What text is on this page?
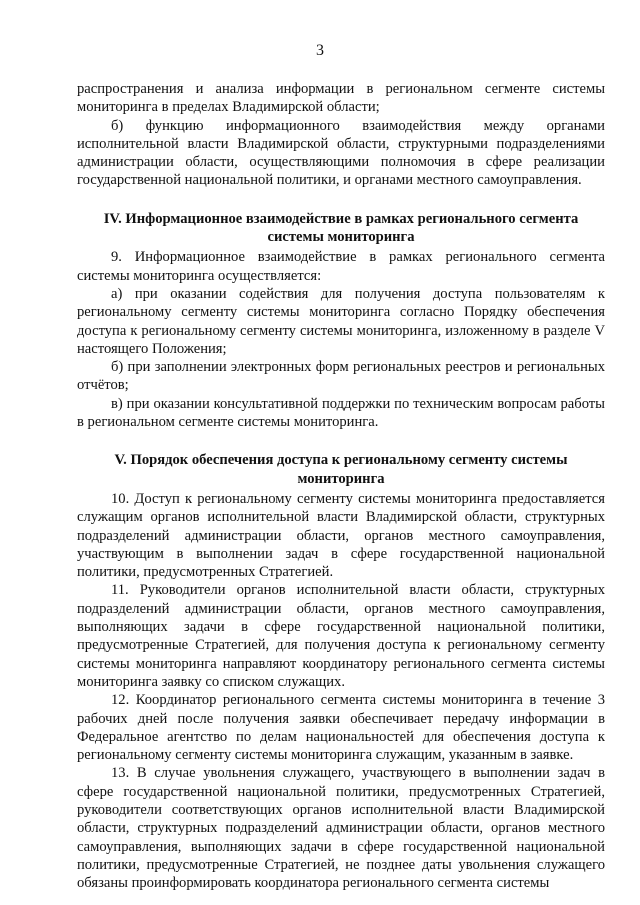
3

распространения и анализа информации в региональном сегменте системы мониторинга в пределах Владимирской области;

б) функцию информационного взаимодействия между органами исполнительной власти Владимирской области, структурными подразделениями администрации области, осуществляющими полномочия в сфере реализации государственной национальной политики, и органами местного самоуправления.

IV. Информационное взаимодействие в рамках регионального сегмента системы мониторинга

9. Информационное взаимодействие в рамках регионального сегмента системы мониторинга осуществляется:

а) при оказании содействия для получения доступа пользователям к региональному сегменту системы мониторинга согласно Порядку обеспечения доступа к региональному сегменту системы мониторинга, изложенному в разделе V настоящего Положения;

б) при заполнении электронных форм региональных реестров и региональных отчётов;

в) при оказании консультативной поддержки по техническим вопросам работы в региональном сегменте системы мониторинга.

V. Порядок обеспечения доступа к региональному сегменту системы мониторинга

10. Доступ к региональному сегменту системы мониторинга предоставляется служащим органов исполнительной власти Владимирской области, структурных подразделений администрации области, органов местного самоуправления, участвующим в выполнении задач в сфере государственной национальной политики, предусмотренных Стратегией.

11. Руководители органов исполнительной власти области, структурных подразделений администрации области, органов местного самоуправления, выполняющих задачи в сфере государственной национальной политики, предусмотренные Стратегией, для получения доступа к региональному сегменту системы мониторинга направляют координатору регионального сегмента системы мониторинга заявку со списком служащих.

12. Координатор регионального сегмента системы мониторинга в течение 3 рабочих дней после получения заявки обеспечивает передачу информации в Федеральное агентство по делам национальностей для обеспечения доступа к региональному сегменту системы мониторинга служащим, указанным в заявке.

13. В случае увольнения служащего, участвующего в выполнении задач в сфере государственной национальной политики, предусмотренных Стратегией, руководители соответствующих органов исполнительной власти Владимирской области, структурных подразделений администрации области, органов местного самоуправления, выполняющих задачи в сфере государственной национальной политики, предусмотренные Стратегией, не позднее даты увольнения служащего обязаны проинформировать координатора регионального сегмента системы
